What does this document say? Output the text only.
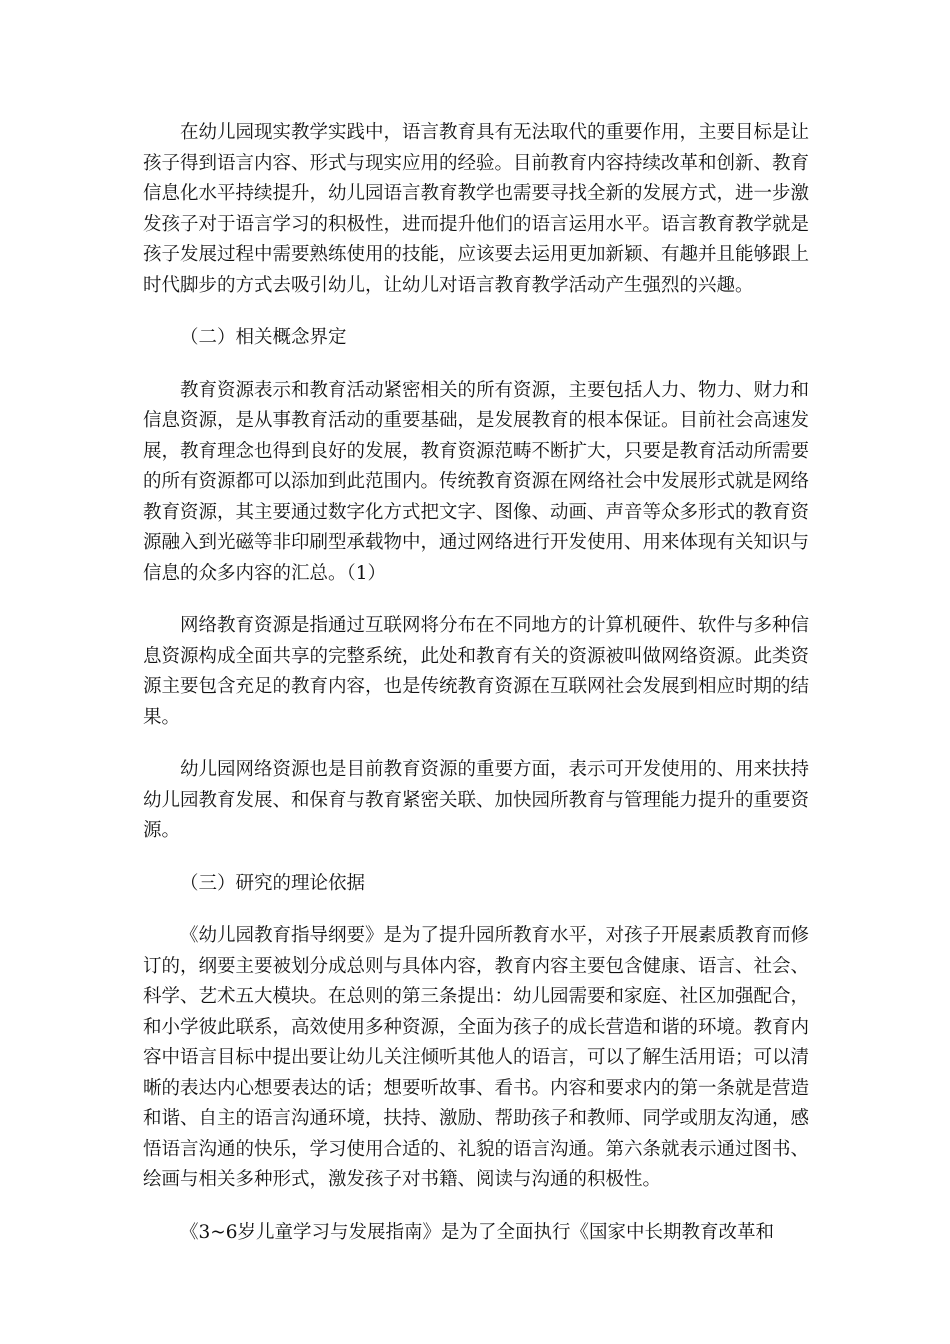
在幼儿园现实教学实践中，语言教育具有无法取代的重要作用，主要目标是让孩子得到语言内容、形式与现实应用的经验。目前教育内容持续改革和创新、教育信息化水平持续提升，幼儿园语言教育教学也需要寻找全新的发展方式，进一步激发孩子对于语言学习的积极性，进而提升他们的语言运用水平。语言教育教学就是孩子发展过程中需要熟练使用的技能，应该要去运用更加新颖、有趣并且能够跟上时代脚步的方式去吸引幼儿，让幼儿对语言教育教学活动产生强烈的兴趣。

（二）相关概念界定

教育资源表示和教育活动紧密相关的所有资源，主要包括人力、物力、财力和信息资源，是从事教育活动的重要基础，是发展教育的根本保证。目前社会高速发展，教育理念也得到良好的发展，教育资源范畴不断扩大，只要是教育活动所需要的所有资源都可以添加到此范围内。传统教育资源在网络社会中发展形式就是网络教育资源，其主要通过数字化方式把文字、图像、动画、声音等众多形式的教育资源融入到光磁等非印刷型承载物中，通过网络进行开发使用、用来体现有关知识与信息的众多内容的汇总。（1）

网络教育资源是指通过互联网将分布在不同地方的计算机硬件、软件与多种信息资源构成全面共享的完整系统，此处和教育有关的资源被叫做网络资源。此类资源主要包含充足的教育内容，也是传统教育资源在互联网社会发展到相应时期的结果。

幼儿园网络资源也是目前教育资源的重要方面，表示可开发使用的、用来扶持幼儿园教育发展、和保育与教育紧密关联、加快园所教育与管理能力提升的重要资源。

（三）研究的理论依据

《幼儿园教育指导纲要》是为了提升园所教育水平，对孩子开展素质教育而修订的，纲要主要被划分成总则与具体内容，教育内容主要包含健康、语言、社会、科学、艺术五大模块。在总则的第三条提出：幼儿园需要和家庭、社区加强配合，和小学彼此联系，高效使用多种资源，全面为孩子的成长营造和谐的环境。教育内容中语言目标中提出要让幼儿关注倾听其他人的语言，可以了解生活用语；可以清晰的表达内心想要表达的话；想要听故事、看书。内容和要求内的第一条就是营造和谐、自主的语言沟通环境，扶持、激励、帮助孩子和教师、同学或朋友沟通，感悟语言沟通的快乐，学习使用合适的、礼貌的语言沟通。第六条就表示通过图书、绘画与相关多种形式，激发孩子对书籍、阅读与沟通的积极性。

《3~6岁儿童学习与发展指南》是为了全面执行《国家中长期教育改革和
